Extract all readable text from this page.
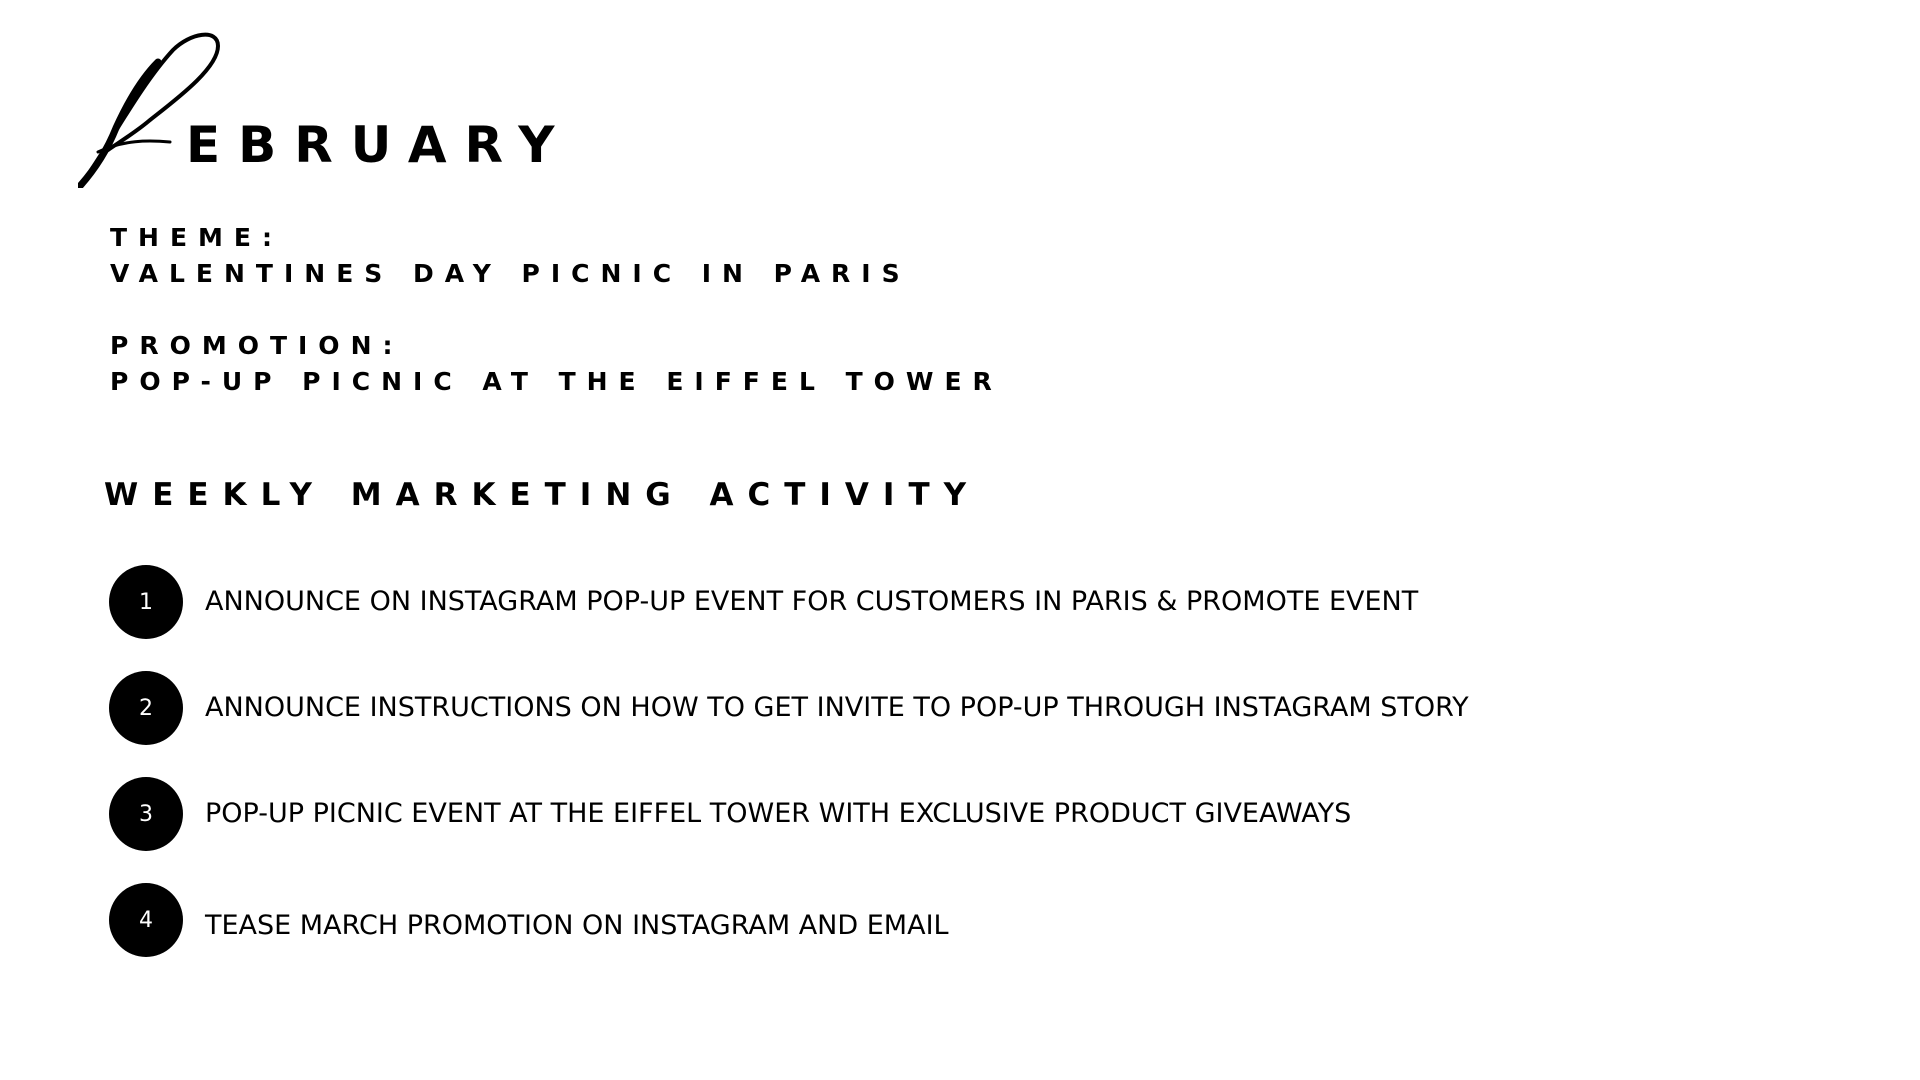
EBRUARY
THEME:
VALENTINES DAY PICNIC IN PARIS
PROMOTION:
POP-UP PICNIC AT THE EIFFEL TOWER
WEEKLY MARKETING ACTIVITY
1	ANNOUNCE ON INSTAGRAM POP-UP EVENT FOR CUSTOMERS IN PARIS & PROMOTE EVENT
2	ANNOUNCE INSTRUCTIONS ON HOW TO GET INVITE TO POP-UP THROUGH INSTAGRAM STORY
3	POP-UP PICNIC EVENT AT THE EIFFEL TOWER WITH EXCLUSIVE PRODUCT GIVEAWAYS
4	TEASE MARCH PROMOTION ON INSTAGRAM AND EMAIL
